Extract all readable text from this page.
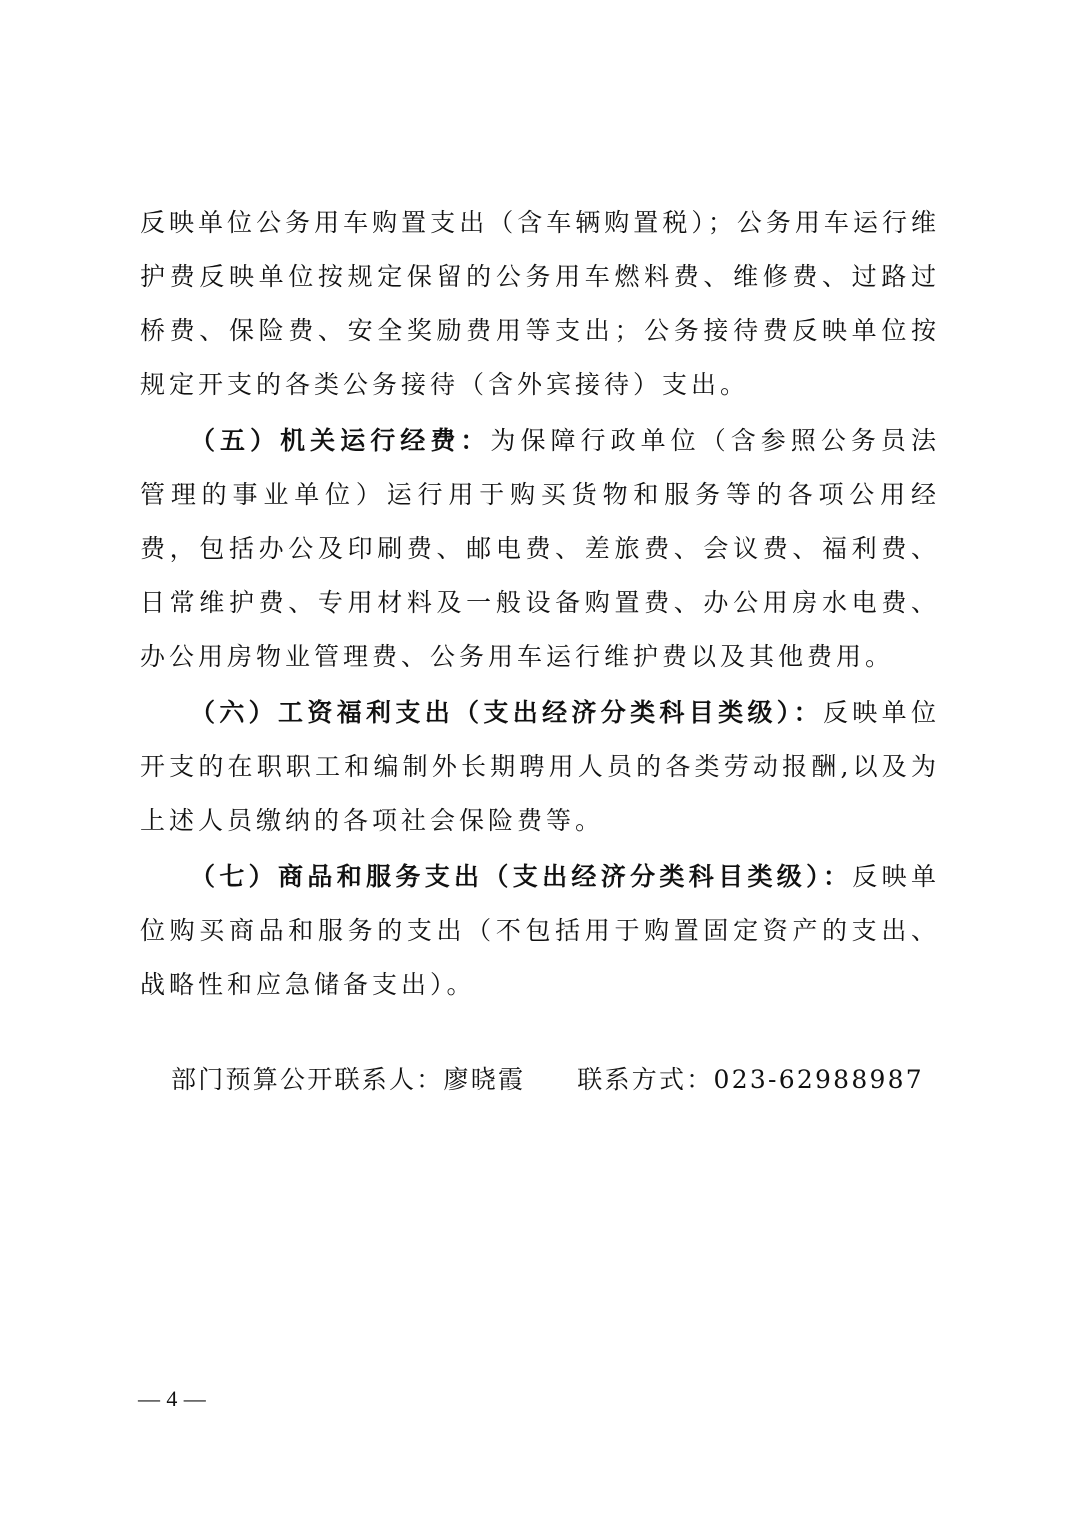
反映单位公务用车购置支出（含车辆购置税）；公务用车运行维护费反映单位按规定保留的公务用车燃料费、维修费、过路过桥费、保险费、安全奖励费用等支出；公务接待费反映单位按规定开支的各类公务接待（含外宾接待）支出。

（五）机关运行经费：为保障行政单位（含参照公务员法管理的事业单位）运行用于购买货物和服务等的各项公用经费，包括办公及印刷费、邮电费、差旅费、会议费、福利费、日常维护费、专用材料及一般设备购置费、办公用房水电费、办公用房物业管理费、公务用车运行维护费以及其他费用。

（六）工资福利支出（支出经济分类科目类级）：反映单位开支的在职职工和编制外长期聘用人员的各类劳动报酬,以及为上述人员缴纳的各项社会保险费等。

（七）商品和服务支出（支出经济分类科目类级）：反映单位购买商品和服务的支出（不包括用于购置固定资产的支出、战略性和应急储备支出）。

部门预算公开联系人：廖晓霞 联系方式：023-62988987
— 4 —
